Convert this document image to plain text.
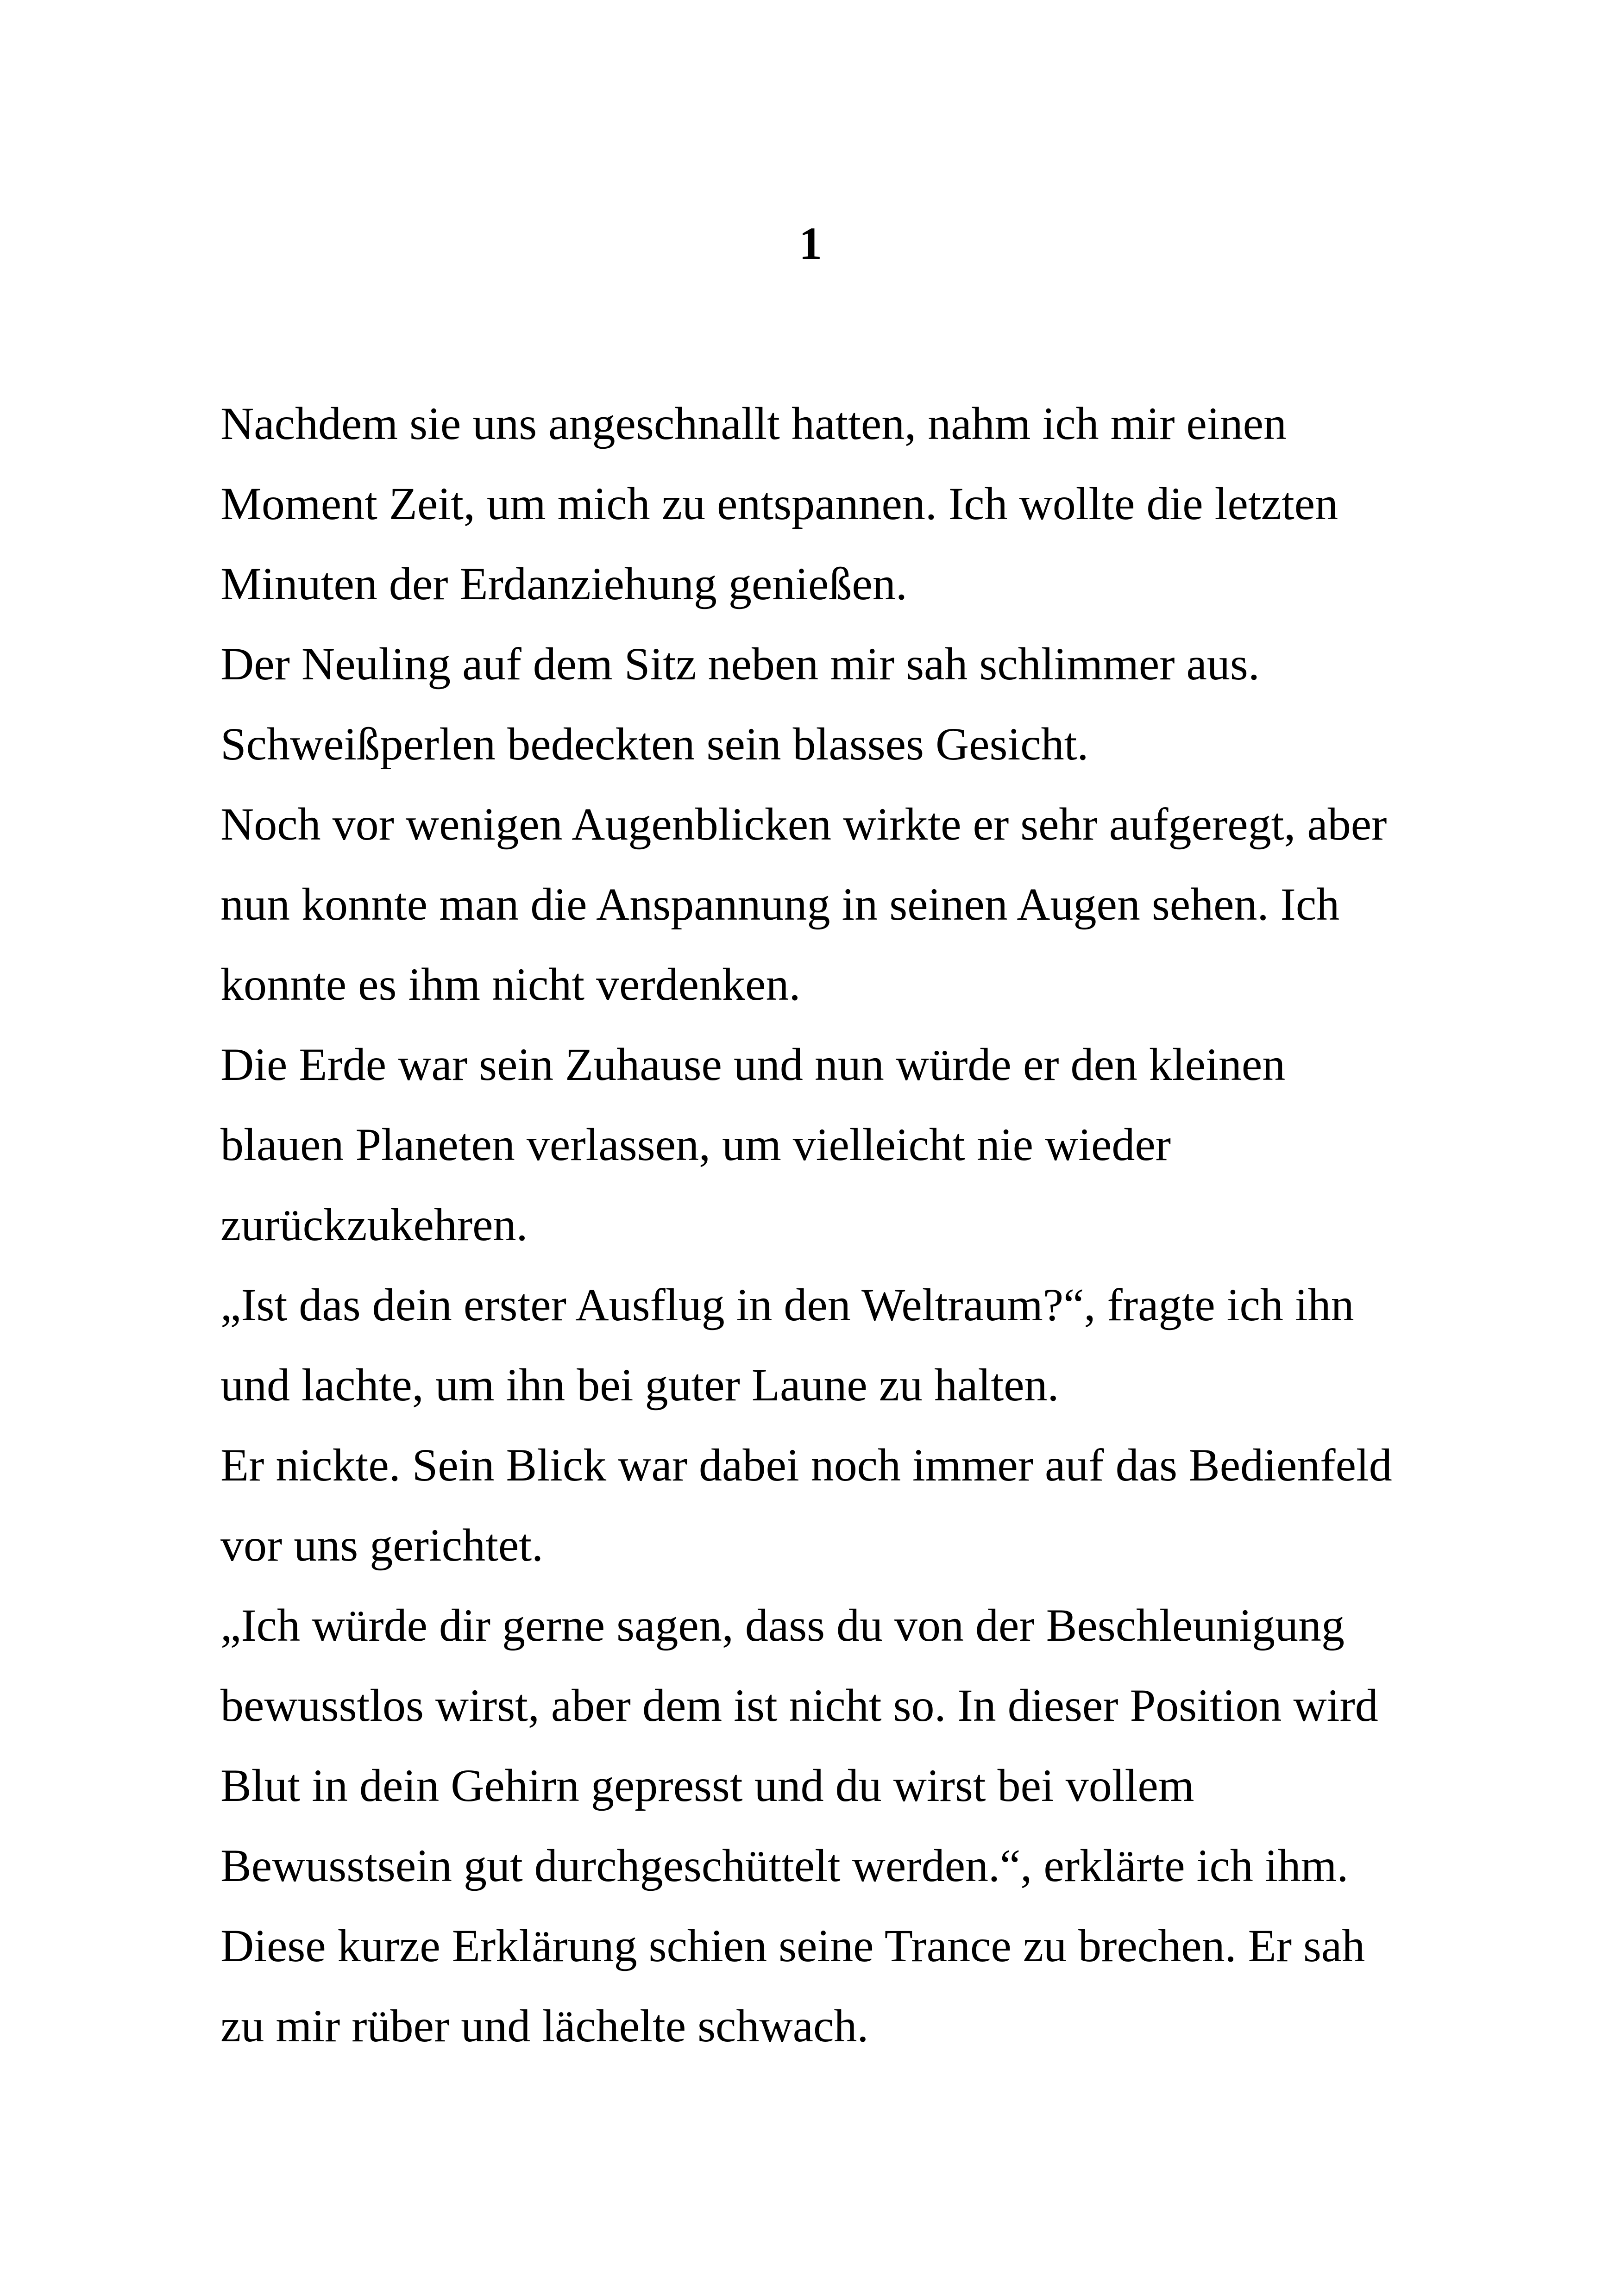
1
Nachdem sie uns angeschnallt hatten, nahm ich mir einen
Moment Zeit, um mich zu entspannen. Ich wollte die letzten
Minuten der Erdanziehung genießen.
Der Neuling auf dem Sitz neben mir sah schlimmer aus.
Schweißperlen bedeckten sein blasses Gesicht.
Noch vor wenigen Augenblicken wirkte er sehr aufgeregt, aber
nun konnte man die Anspannung in seinen Augen sehen. Ich
konnte es ihm nicht verdenken.
Die Erde war sein Zuhause und nun würde er den kleinen
blauen Planeten verlassen, um vielleicht nie wieder
zurückzukehren.
„Ist das dein erster Ausflug in den Weltraum?“, fragte ich ihn
und lachte, um ihn bei guter Laune zu halten.
Er nickte. Sein Blick war dabei noch immer auf das Bedienfeld
vor uns gerichtet.
„Ich würde dir gerne sagen, dass du von der Beschleunigung
bewusstlos wirst, aber dem ist nicht so. In dieser Position wird
Blut in dein Gehirn gepresst und du wirst bei vollem
Bewusstsein gut durchgeschüttelt werden.“, erklärte ich ihm.
Diese kurze Erklärung schien seine Trance zu brechen. Er sah
zu mir rüber und lächelte schwach.
